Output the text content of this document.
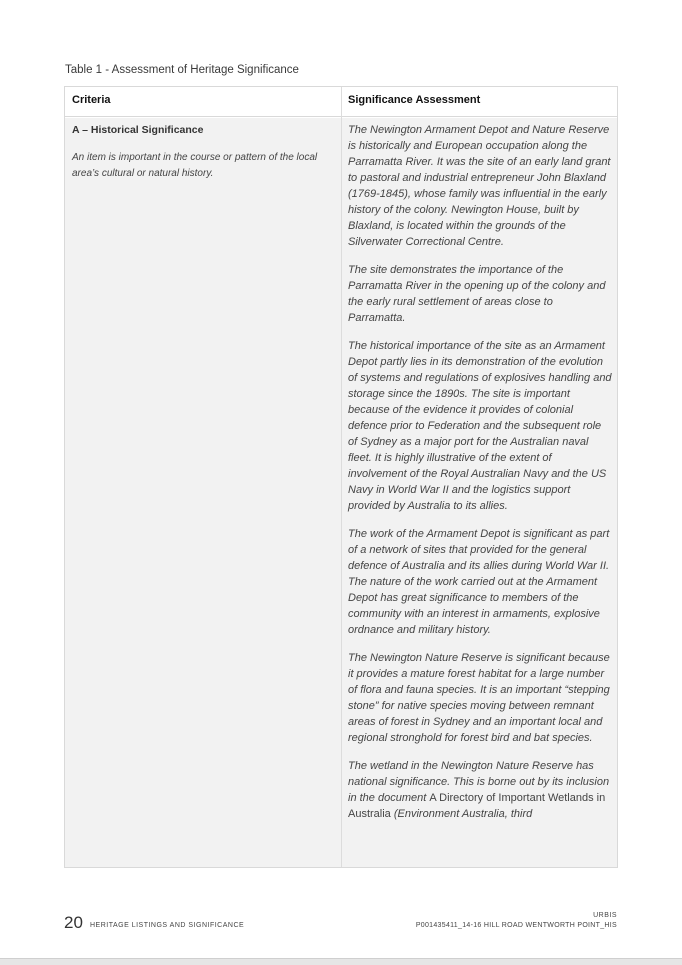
Table 1 - Assessment of Heritage Significance
Criteria	Significance Assessment
A – Historical Significance
An item is important in the course or pattern of the local area’s cultural or natural history.

The Newington Armament Depot and Nature Reserve is historically and European occupation along the Parramatta River. It was the site of an early land grant to pastoral and industrial entrepreneur John Blaxland (1769-1845), whose family was influential in the early history of the colony. Newington House, built by Blaxland, is located within the grounds of the Silverwater Correctional Centre.

The site demonstrates the importance of the Parramatta River in the opening up of the colony and the early rural settlement of areas close to Parramatta.

The historical importance of the site as an Armament Depot partly lies in its demonstration of the evolution of systems and regulations of explosives handling and storage since the 1890s. The site is important because of the evidence it provides of colonial defence prior to Federation and the subsequent role of Sydney as a major port for the Australian naval fleet. It is highly illustrative of the extent of involvement of the Royal Australian Navy and the US Navy in World War II and the logistics support provided by Australia to its allies.

The work of the Armament Depot is significant as part of a network of sites that provided for the general defence of Australia and its allies during World War II. The nature of the work carried out at the Armament Depot has great significance to members of the community with an interest in armaments, explosive ordnance and military history.

The Newington Nature Reserve is significant because it provides a mature forest habitat for a large number of flora and fauna species. It is an important “stepping stone” for native species moving between remnant areas of forest in Sydney and an important local and regional stronghold for forest bird and bat species.

The wetland in the Newington Nature Reserve has national significance. This is borne out by its inclusion in the document A Directory of Important Wetlands in Australia (Environment Australia, third

20 HERITAGE LISTINGS AND SIGNIFICANCE
URBIS
P001435411_14-16 HILL ROAD WENTWORTH POINT_HIS
